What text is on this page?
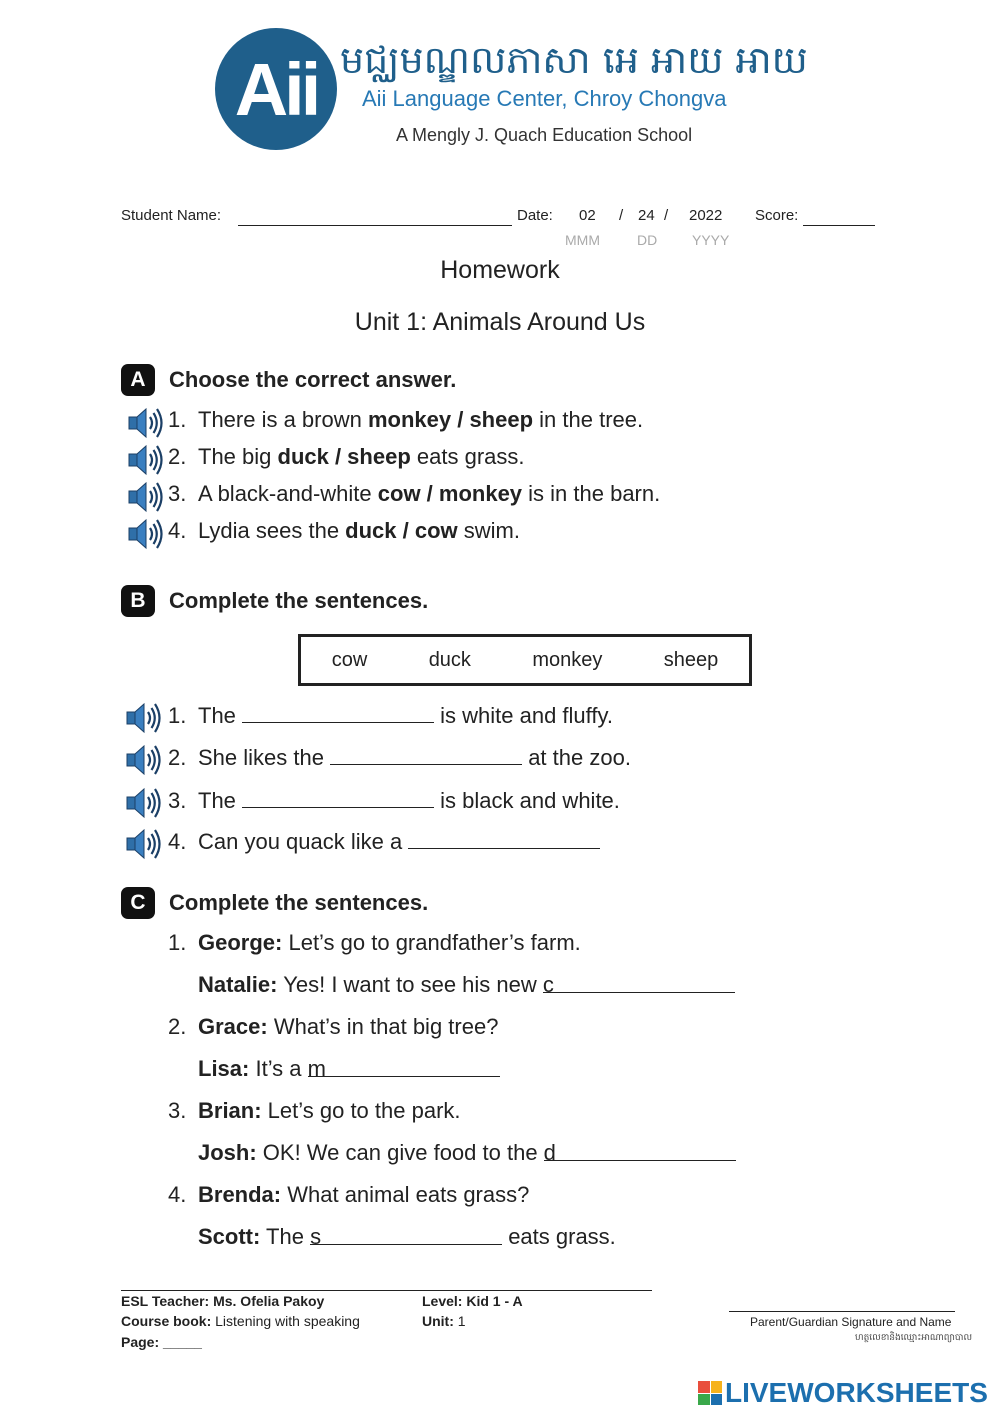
Aii មជ្ឈមណ្ឌលភាសា អេ អាយ អាយ
Aii Language Center, Chroy Chongva
A Mengly J. Quach Education School
Student Name:	Date: 02 / 24 / 2022 Score:
MMM	DD YYYY
Homework
Unit 1: Animals Around Us
A	Choose the correct answer.
B	Complete the sentences.
cow	duck	monkey	sheep
C	Complete the sentences.
ESL Teacher: Ms. Ofelia Pakoy
Course book: Listening with speaking
Page: _____
Level: Kid 1 - A
Unit: 1	Parent/Guardian Signature and Name
ហត្ថលេខានិងឈ្មោះអាណាព្យាបាល
LIVEWORKSHEETS
1. There is a brown monkey / sheep in the tree.
2. The big duck / sheep eats grass.
3. A black-and-white cow / monkey is in the barn.
4. Lydia sees the duck / cow swim.
1. The	is white and fluffy.
2. She likes the	at the zoo.
3. The	is black and white.
4. Can you quack like a
1. George: Let’s go to grandfather’s farm.
Natalie: Yes! I want to see his new c
2. Grace: What’s in that big tree?
Lisa: It’s a m
3. Brian: Let’s go to the park.
Josh: OK! We can give food to the d
4. Brenda: What animal eats grass?
Scott: The s	eats grass.
